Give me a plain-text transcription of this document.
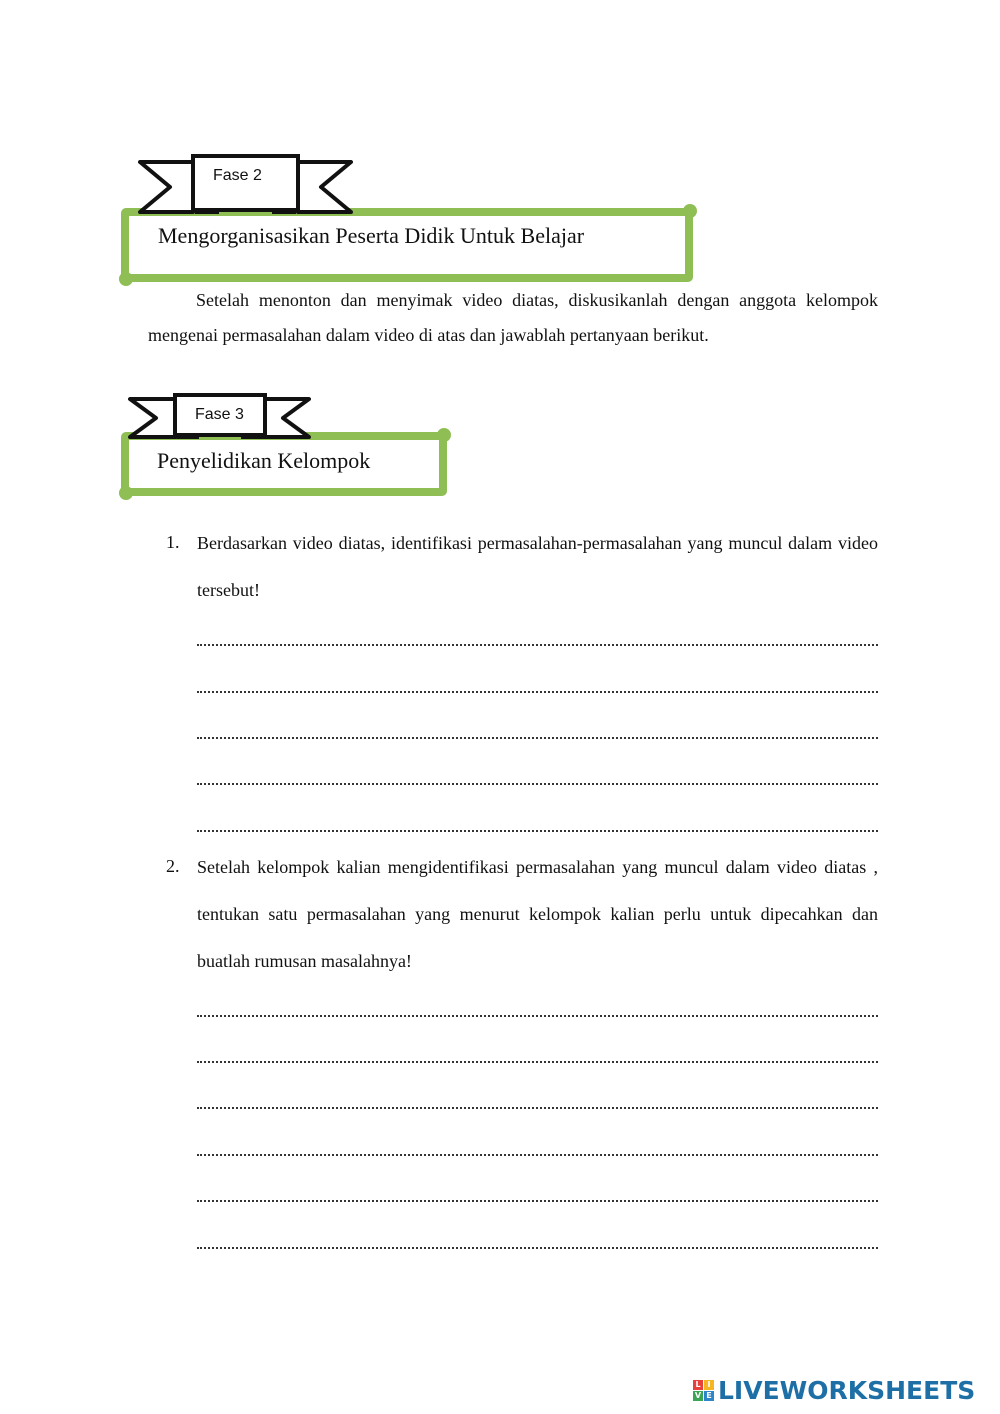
Fase 2
Mengorganisasikan Peserta Didik Untuk Belajar
Setelah menonton dan menyimak video diatas, diskusikanlah dengan anggota kelompok mengenai permasalahan dalam video di atas dan jawablah pertanyaan berikut.
Fase 3
Penyelidikan Kelompok
1. Berdasarkan video diatas, identifikasi permasalahan-permasalahan yang muncul dalam video tersebut!
2. Setelah kelompok kalian mengidentifikasi permasalahan yang muncul dalam video diatas , tentukan satu permasalahan yang menurut kelompok kalian perlu untuk dipecahkan dan buatlah rumusan masalahnya!
L I
V E LIVEWORKSHEETS
